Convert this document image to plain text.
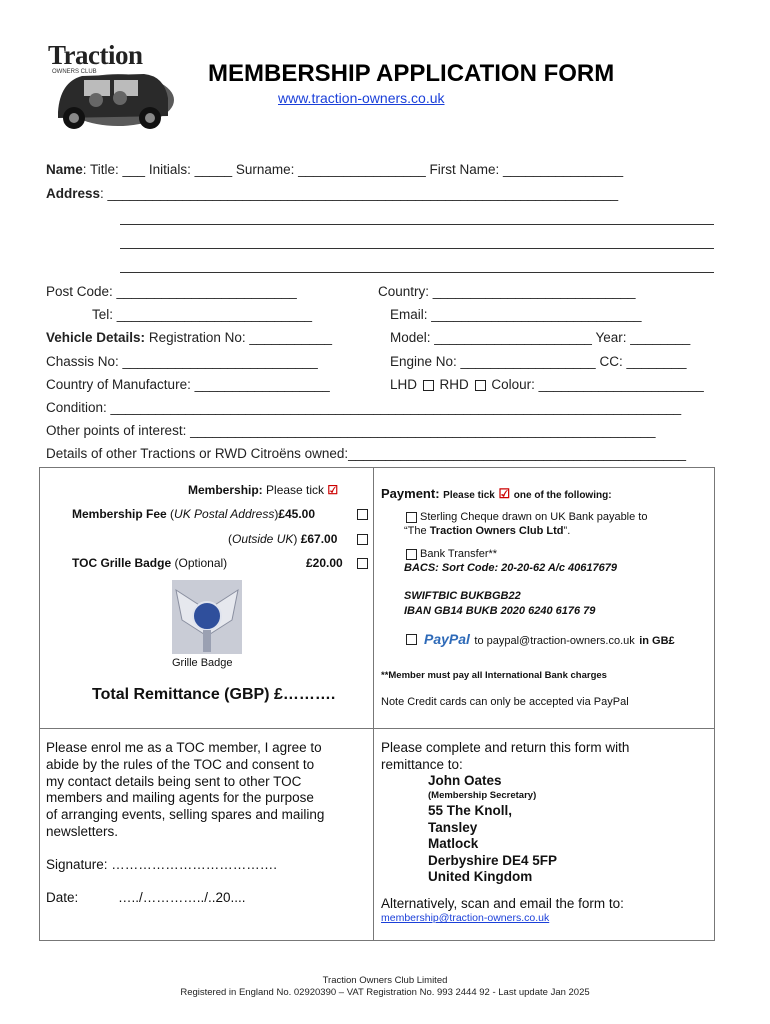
Traction
OWNERS CLUB	MEMBERSHIP APPLICATION FORM
www.traction-owners.co.uk
Name: Title: ___ Initials: _____ Surname: _________________ First Name: ________________
Address: ____________________________________________________________________
Post Code: ________________________	Country: ___________________________
Tel: __________________________	Email: ____________________________
Vehicle Details: Registration No: ___________	Model: _____________________ Year: ________
Chassis No: __________________________	Engine No: __________________ CC: ________
Country of Manufacture: __________________	LHD RHD Colour: ______________________
Condition: ____________________________________________________________________________
Other points of interest: ______________________________________________________________
Details of other Tractions or RWD Citroëns owned:_____________________________________________
Membership: Please tick ☑
Membership Fee (UK Postal Address)£45.00
(Outside UK) £67.00
TOC Grille Badge (Optional)	£20.00
Grille Badge
Total Remittance (GBP) £……….
Payment: Please tick ☑ one of the following:
Sterling Cheque drawn on UK Bank payable to
“The Traction Owners Club Ltd”.
Bank Transfer**
BACS: Sort Code: 20-20-62 A/c 40617679
SWIFTBIC BUKBGB22
IBAN GB14 BUKB 2020 6240 6176 79
PayPal to paypal@traction-owners.co.uk in GB£
**Member must pay all International Bank charges
Note Credit cards can only be accepted via PayPal
Please enrol me as a TOC member, I agree to
abide by the rules of the TOC and consent to
my contact details being sent to other TOC
members and mailing agents for the purpose
of arranging events, selling spares and mailing
newsletters.
Signature: ……………………………….
Date:	…../…………../..20....
Please complete and return this form with
remittance to:
John Oates
(Membership Secretary)
55 The Knoll,
Tansley
Matlock
Derbyshire DE4 5FP
United Kingdom
Alternatively, scan and email the form to:
membership@traction-owners.co.uk
Traction Owners Club Limited
Registered in England No. 02920390 – VAT Registration No. 993 2444 92 - Last update Jan 2025
